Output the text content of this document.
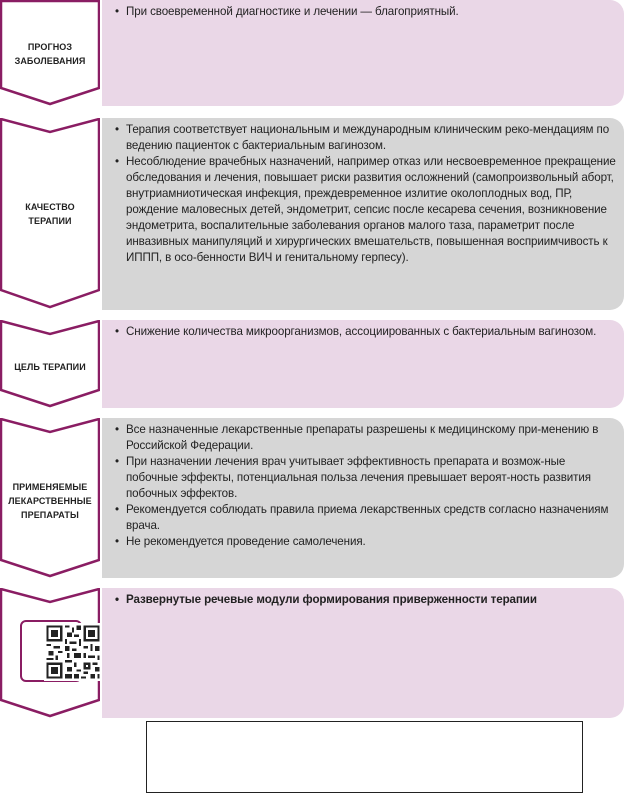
ПРОГНОЗ
ЗАБОЛЕВАНИЯ
• При своевременной диагностике и лечении — благоприятный.
КАЧЕСТВО
ТЕРАПИИ
• Терапия соответствует национальным и международным клиническим реко-мендациям по ведению пациенток с бактериальным вагинозом.
• Несоблюдение врачебных назначений, например отказ или несвоевременное прекращение обследования и лечения, повышает риски развития осложнений (самопроизвольный аборт, внутриамниотическая инфекция, преждевременное излитие околоплодных вод, ПР, рождение маловесных детей, эндометрит, сепсис после кесарева сечения, возникновение эндометрита, воспалительные заболевания органов малого таза, параметрит после инвазивных манипуляций и хирургических вмешательств, повышенная восприимчивость к ИППП, в осо-бенности ВИЧ и генитальному герпесу).
ЦЕЛЬ ТЕРАПИИ
• Снижение количества микроорганизмов, ассоциированных с бактериальным вагинозом.
ПРИМЕНЯЕМЫЕ
ЛЕКАРСТВЕННЫЕ
ПРЕПАРАТЫ
• Все назначенные лекарственные препараты разрешены к медицинскому при-менению в Российской Федерации.
• При назначении лечения врач учитывает эффективность препарата и возмож-ные побочные эффекты, потенциальная польза лечения превышает вероят-ность развития побочных эффектов.
• Рекомендуется соблюдать правила приема лекарственных средств согласно назначениям врача.
• Не рекомендуется проведение самолечения.
• Развернутые речевые модули формирования приверженности терапии
